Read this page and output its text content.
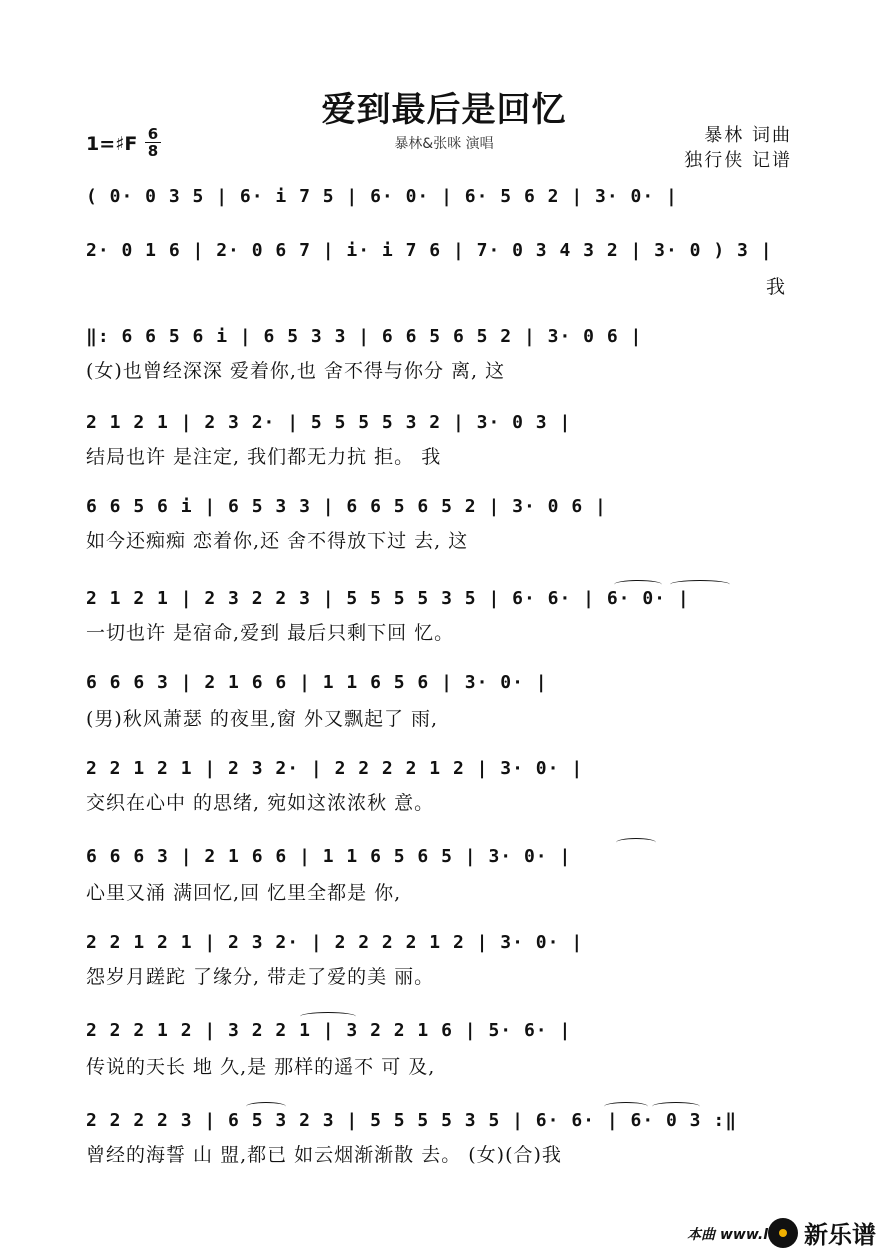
爱到最后是回忆
暴林&张咪 演唱	暴林 词曲
独行侠 记谱
1=♯F 6
8
( 0· 0 3 5 | 6· i 7 5 | 6· 0· | 6· 5 6 2 | 3· 0· |
2· 0 1 6 | 2· 0 6 7 | i· i 7 6 | 7· 0 3 4 3 2 | 3· 0 ) 3 |
我
‖: 6 6 5 6 i | 6 5 3 3 | 6 6 5 6 5 2 | 3· 0 6 |
(女)也曾经深深 爱着你,也 舍不得与你分 离, 这
2 1 2 1 | 2 3 2· | 5 5 5 5 3 2 | 3· 0 3 |
结局也许 是注定, 我们都无力抗 拒。 我
6 6 5 6 i | 6 5 3 3 | 6 6 5 6 5 2 | 3· 0 6 |
如今还痴痴 恋着你,还 舍不得放下过 去, 这
2 1 2 1 | 2 3 2 2 3 | 5 5 5 5 3 5 | 6· 6· | 6· 0· |
一切也许 是宿命,爱到 最后只剩下回 忆。
6 6 6 3 | 2 1 6 6 | 1 1 6 5 6 | 3· 0· |
(男)秋风萧瑟 的夜里,窗 外又飘起了 雨,
2 2 1 2 1 | 2 3 2· | 2 2 2 2 1 2 | 3· 0· |
交织在心中 的思绪, 宛如这浓浓秋 意。
6 6 6 3 | 2 1 6 6 | 1 1 6 5 6 5 | 3· 0· |
心里又涌 满回忆,回 忆里全都是 你,
2 2 1 2 1 | 2 3 2· | 2 2 2 2 1 2 | 3· 0· |
怨岁月蹉跎 了缘分, 带走了爱的美 丽。
2 2 2 1 2 | 3 2 2 1 | 3 2 2 1 6 | 5· 6· |
传说的天长 地 久,是 那样的遥不 可 及,
2 2 2 2 3 | 6 5 3 2 3 | 5 5 5 5 3 5 | 6· 6· | 6· 0 3 :‖
曾经的海誓 山 盟,都已 如云烟渐渐散 去。 (女)(合)我
本曲 www.l 新乐谱
